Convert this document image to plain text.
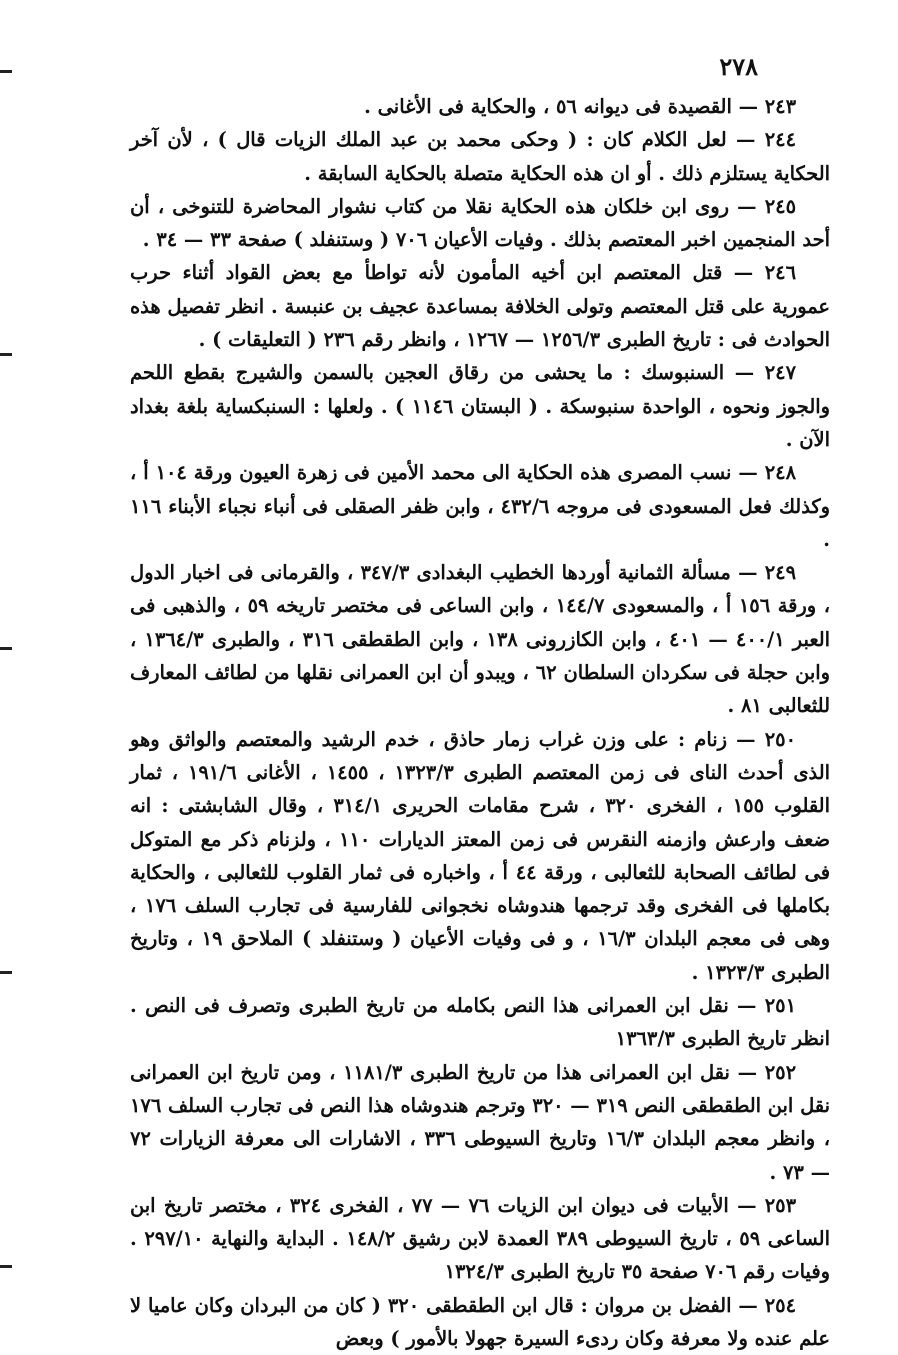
٢٧٨

٢٤٣ — القصيدة فى ديوانه ٥٦ ، والحكاية فى الأغانى .

٢٤٤ — لعل الكلام كان : ( وحكى محمد بن عبد الملك الزيات قال ) ، لأن آخر الحكاية يستلزم ذلك . أو ان هذه الحكاية متصلة بالحكاية السابقة .

٢٤٥ — روى ابن خلكان هذه الحكاية نقلا من كتاب نشوار المحاضرة للتنوخى ، أن أحد المنجمين اخبر المعتصم بذلك . وفيات الأعيان ٧٠٦ ( وستنفلد ) صفحة ٣٣ — ٣٤ .

٢٤٦ — قتل المعتصم ابن أخيه المأمون لأنه تواطأ مع بعض القواد أثناء حرب عمورية على قتل المعتصم وتولى الخلافة بمساعدة عجيف بن عنبسة . انظر تفصيل هذه الحوادث فى : تاريخ الطبرى ١٢٥٦/٣ — ١٢٦٧ ، وانظر رقم ٢٣٦ ( التعليقات ) .

٢٤٧ — السنبوسك : ما يحشى من رقاق العجين بالسمن والشيرج بقطع اللحم والجوز ونحوه ، الواحدة سنبوسكة . ( البستان ١١٤٦ ) . ولعلها : السنبكساية بلغة بغداد الآن .

٢٤٨ — نسب المصرى هذه الحكاية الى محمد الأمين فى زهرة العيون ورقة ١٠٤ أ ، وكذلك فعل المسعودى فى مروجه ٤٣٢/٦ ، وابن ظفر الصقلى فى أنباء نجباء الأبناء ١١٦ .

٢٤٩ — مسألة الثمانية أوردها الخطيب البغدادى ٣٤٧/٣ ، والقرمانى فى اخبار الدول ، ورقة ١٥٦ أ ، والمسعودى ١٤٤/٧ ، وابن الساعى فى مختصر تاريخه ٥٩ ، والذهبى فى العبر ٤٠٠/١ — ٤٠١ ، وابن الكازرونى ١٣٨ ، وابن الطقطقى ٣١٦ ، والطبرى ١٣٦٤/٣ ، وابن حجلة فى سكردان السلطان ٦٢ ، ويبدو أن ابن العمرانى نقلها من لطائف المعارف للثعالبى ٨١ .

٢٥٠ — زنام : على وزن غراب زمار حاذق ، خدم الرشيد والمعتصم والواثق وهو الذى أحدث الناى فى زمن المعتصم الطبرى ١٣٢٣/٣ ، ١٤٥٥ ، الأغانى ١٩١/٦ ، ثمار القلوب ١٥٥ ، الفخرى ٣٢٠ ، شرح مقامات الحريرى ٣١٤/١ ، وقال الشابشتى : انه ضعف وارعش وازمنه النقرس فى زمن المعتز الديارات ١١٠ ، ولزنام ذكر مع المتوكل فى لطائف الصحابة للثعالبى ، ورقة ٤٤ أ ، واخباره فى ثمار القلوب للثعالبى ، والحكاية بكاملها فى الفخرى وقد ترجمها هندوشاه نخجوانى للفارسية فى تجارب السلف ١٧٦ ، وهى فى معجم البلدان ١٦/٣ ، و فى وفيات الأعيان ( وستنفلد ) الملاحق ١٩ ، وتاريخ الطبرى ١٣٢٣/٣ .

٢٥١ — نقل ابن العمرانى هذا النص بكامله من تاريخ الطبرى وتصرف فى النص . انظر تاريخ الطبرى ١٣٦٣/٣

٢٥٢ — نقل ابن العمرانى هذا من تاريخ الطبرى ١١٨١/٣ ، ومن تاريخ ابن العمرانى نقل ابن الطقطقى النص ٣١٩ — ٣٢٠ وترجم هندوشاه هذا النص فى تجارب السلف ١٧٦ ، وانظر معجم البلدان ١٦/٣ وتاريخ السيوطى ٣٣٦ ، الاشارات الى معرفة الزيارات ٧٢ — ٧٣ .

٢٥٣ — الأبيات فى ديوان ابن الزيات ٧٦ — ٧٧ ، الفخرى ٣٢٤ ، مختصر تاريخ ابن الساعى ٥٩ ، تاريخ السيوطى ٣٨٩ العمدة لابن رشيق ١٤٨/٢ . البداية والنهاية ٢٩٧/١٠ . وفيات رقم ٧٠٦ صفحة ٣٥ تاريخ الطبرى ١٣٢٤/٣

٢٥٤ — الفضل بن مروان : قال ابن الطقطقى ٣٢٠ ( كان من البردان وكان عاميا لا علم عنده ولا معرفة وكان ردىء السيرة جهولا بالأمور ) وبعض
